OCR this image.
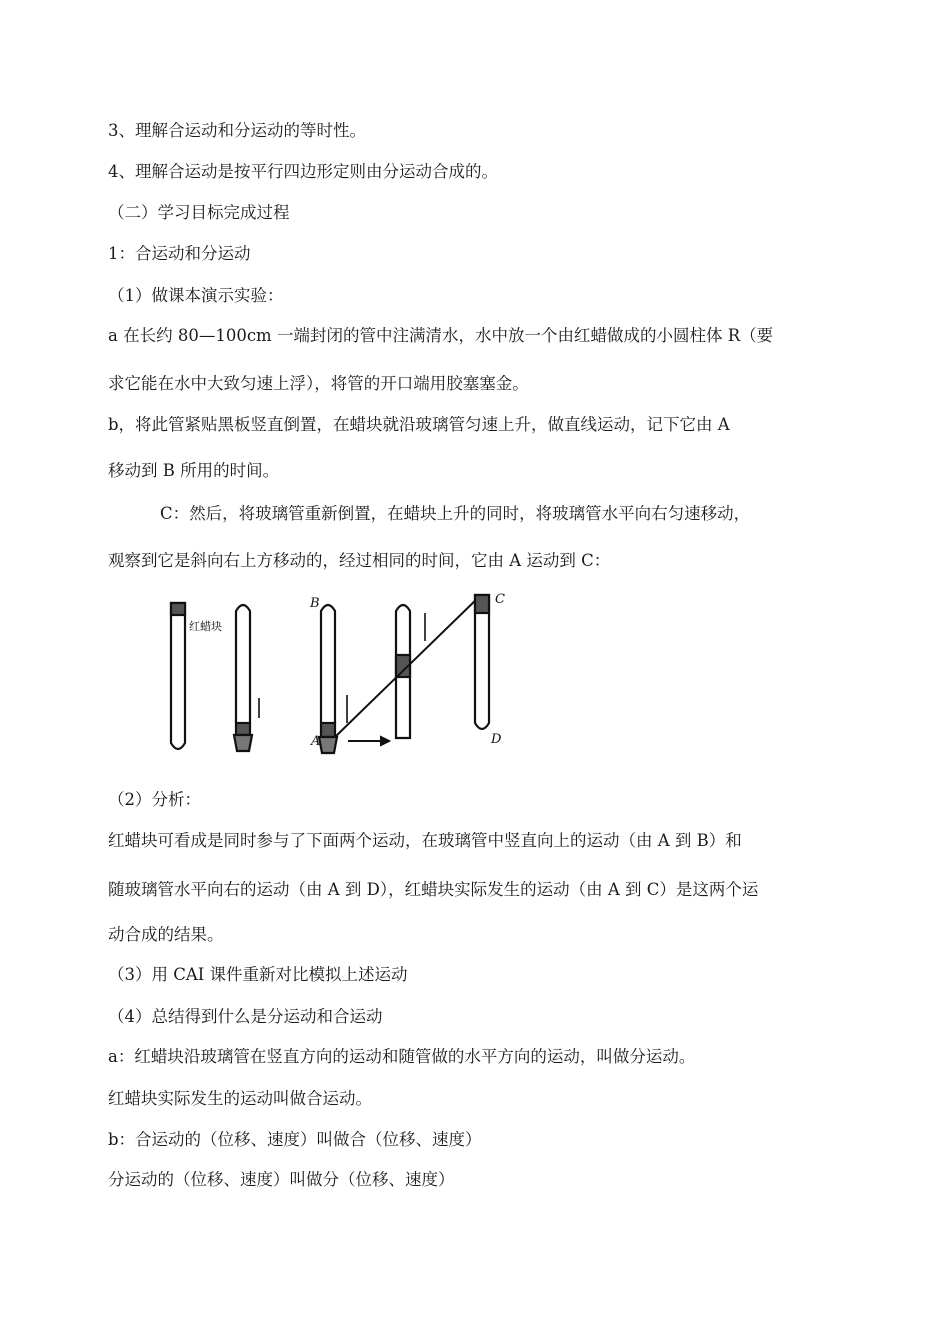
3、理解合运动和分运动的等时性。
4、理解合运动是按平行四边形定则由分运动合成的。
（二）学习目标完成过程
1：合运动和分运动
（1）做课本演示实验：
a 在长约 80—100cm 一端封闭的管中注满清水，水中放一个由红蜡做成的小圆柱体 R（要
求它能在水中大致匀速上浮），将管的开口端用胶塞塞金。
b，将此管紧贴黑板竖直倒置，在蜡块就沿玻璃管匀速上升，做直线运动，记下它由 A
移动到 B 所用的时间。
C：然后，将玻璃管重新倒置，在蜡块上升的同时，将玻璃管水平向右匀速移动，
观察到它是斜向右上方移动的，经过相同的时间，它由 A 运动到 C：
红蜡块
B
A
C
D
（2）分析：
红蜡块可看成是同时参与了下面两个运动，在玻璃管中竖直向上的运动（由 A 到 B）和
随玻璃管水平向右的运动（由 A 到 D），红蜡块实际发生的运动（由 A 到 C）是这两个运
动合成的结果。
（3）用 CAI 课件重新对比模拟上述运动
（4）总结得到什么是分运动和合运动
a：红蜡块沿玻璃管在竖直方向的运动和随管做的水平方向的运动，叫做分运动。
红蜡块实际发生的运动叫做合运动。
b：合运动的（位移、速度）叫做合（位移、速度）
分运动的（位移、速度）叫做分（位移、速度）
